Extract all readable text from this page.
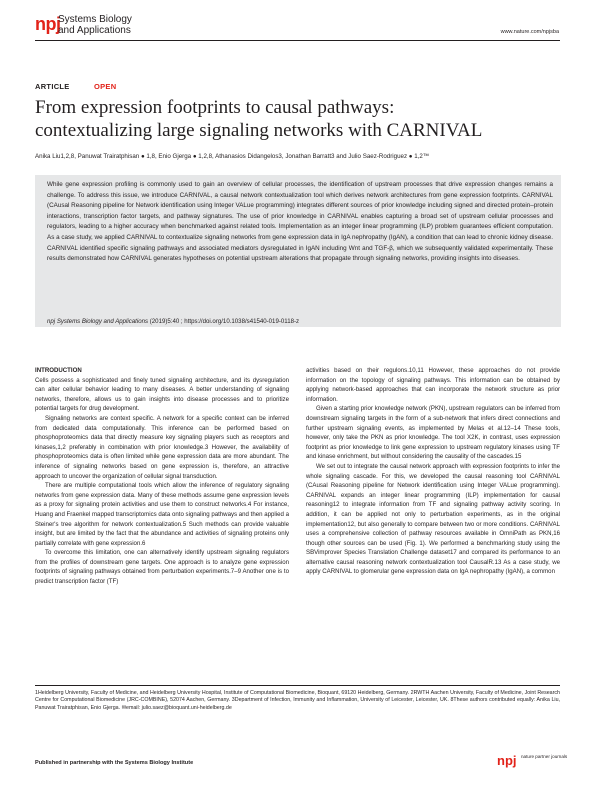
npj
Systems Biology
and Applications	www.nature.com/npjsba
ARTICLE	OPEN
From expression footprints to causal pathways:
contextualizing large signaling networks with CARNIVAL
Anika Liu1,2,8, Panuwat Trairatphisan ● 1,8, Enio Gjerga ● 1,2,8, Athanasios Didangelos3, Jonathan Barratt3 and Julio Saez-Rodriguez ● 1,2™
While gene expression profiling is commonly used to gain an overview of cellular processes, the identification of upstream processes that drive expression changes remains a challenge. To address this issue, we introduce CARNIVAL, a causal network contextualization tool which derives network architectures from gene expression footprints. CARNIVAL (CAusal Reasoning pipeline for Network identification using Integer VALue programming) integrates different sources of prior knowledge including signed and directed protein–protein interactions, transcription factor targets, and pathway signatures. The use of prior knowledge in CARNIVAL enables capturing a broad set of upstream cellular processes and regulators, leading to a higher accuracy when benchmarked against related tools. Implementation as an integer linear programming (ILP) problem guarantees efficient computation. As a case study, we applied CARNIVAL to contextualize signaling networks from gene expression data in IgA nephropathy (IgAN), a condition that can lead to chronic kidney disease. CARNIVAL identified specific signaling pathways and associated mediators dysregulated in IgAN including Wnt and TGF-β, which we subsequently validated experimentally. These results demonstrated how CARNIVAL generates hypotheses on potential upstream alterations that propagate through signaling networks, providing insights into diseases.
npj Systems Biology and Applications (2019)5:40 ; https://doi.org/10.1038/s41540-019-0118-z

INTRODUCTION

Cells possess a sophisticated and finely tuned signaling architecture, and its dysregulation can alter cellular behavior leading to many diseases. A better understanding of signaling networks, therefore, allows us to gain insights into disease processes and to prioritize potential targets for drug development.

Signaling networks are context specific. A network for a specific context can be inferred from dedicated data computationally. This inference can be performed based on phosphoproteomics data that directly measure key signaling players such as receptors and kinases,1,2 preferably in combination with prior knowledge.3 However, the availability of phosphoproteomics data is often limited while gene expression data are more abundant. The inference of signaling networks based on gene expression is, therefore, an attractive approach to uncover the organization of cellular signal transduction.

There are multiple computational tools which allow the inference of regulatory signaling networks from gene expression data. Many of these methods assume gene expression levels as a proxy for signaling protein activities and use them to construct networks.4 For instance, Huang and Fraenkel mapped transcriptomics data onto signaling pathways and then applied a Steiner's tree algorithm for network contextualization.5 Such methods can provide valuable insight, but are limited by the fact that the abundance and activities of signaling proteins only partially correlate with gene expression.6

To overcome this limitation, one can alternatively identify upstream signaling regulators from the profiles of downstream gene targets. One approach is to analyze gene expression footprints of signaling pathways obtained from perturbation experiments.7–9 Another one is to predict transcription factor (TF)

activities based on their regulons.10,11 However, these approaches do not provide information on the topology of signaling pathways. This information can be obtained by applying network-based approaches that can incorporate the network structure as prior information.

Given a starting prior knowledge network (PKN), upstream regulators can be inferred from downstream signaling targets in the form of a sub-network that infers direct connections and further upstream signaling events, as implemented by Melas et al.12–14 These tools, however, only take the PKN as prior knowledge. The tool X2K, in contrast, uses expression footprint as prior knowledge to link gene expression to upstream regulatory kinases using TF and kinase enrichment, but without considering the causality of the cascades.15

We set out to integrate the causal network approach with expression footprints to infer the whole signaling cascade. For this, we developed the causal reasoning tool CARNIVAL (CAusal Reasoning pipeline for Network identification using Integer VALue programming). CARNIVAL expands an integer linear programming (ILP) implementation for causal reasoning12 to integrate information from TF and signaling pathway activity scoring. In addition, it can be applied not only to perturbation experiments, as in the original implementation12, but also generally to compare between two or more conditions. CARNIVAL uses a comprehensive collection of pathway resources available in OmniPath as PKN,16 though other sources can be used (Fig. 1). We performed a benchmarking study using the SBVimprover Species Translation Challenge dataset17 and compared its performance to an alternative causal reasoning network contextualization tool CausalR.13 As a case study, we apply CARNIVAL to glomerular gene expression data on IgA nephropathy (IgAN), a common

1Heidelberg University, Faculty of Medicine, and Heidelberg University Hospital, Institute of Computational Biomedicine, Bioquant, 69120 Heidelberg, Germany. 2RWTH Aachen University, Faculty of Medicine, Joint Research Centre for Computational Biomedicine (JRC-COMBINE), 52074 Aachen, Germany. 3Department of Infection, Immunity and Inflammation, University of Leicester, Leicester, UK. 8These authors contributed equally: Anika Liu, Panuwat Trairatphisan, Enio Gjerga. ✉email: julio.saez@bioquant.uni-heidelberg.de
Published in partnership with the Systems Biology Institute	npj nature partner journals
